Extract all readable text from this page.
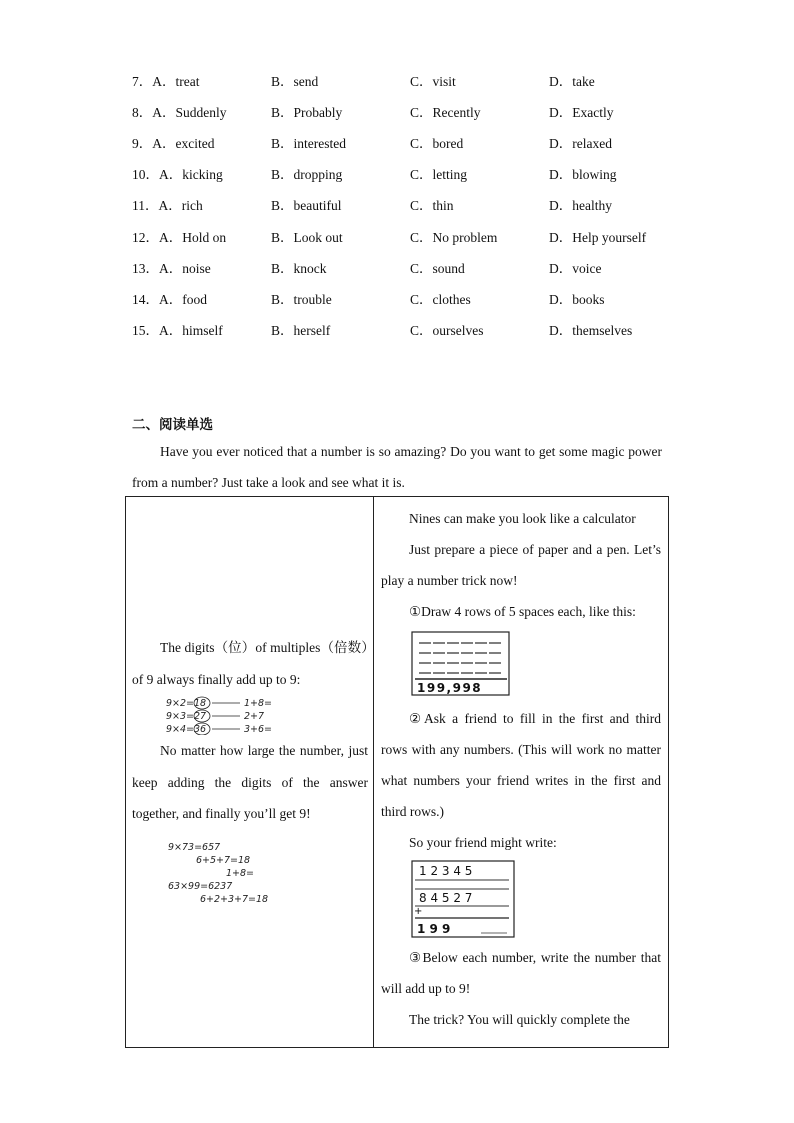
7．A．treat	B．send	C．visit	D．take
8．A．Suddenly	B．Probably	C．Recently	D．Exactly
9．A．excited	B．interested	C．bored	D．relaxed
10．A．kicking	B．dropping	C．letting	D．blowing
11．A．rich	B．beautiful	C．thin	D．healthy
12．A．Hold on	B．Look out	C．No problem	D．Help yourself
13．A．noise	B．knock	C．sound	D．voice
14．A．food	B．trouble	C．clothes	D．books
15．A．himself	B．herself	C．ourselves	D．themselves
二、阅读单选
Have you ever noticed that a number is so amazing? Do you want to get some magic power from a number? Just take a look and see what it is.

The digits（位）of multiples（倍数）of 9 always finally add up to 9:

9×2=18	1+8=
9×3=27	2+7
9×4=36	3+6=

No matter how large the number, just keep adding the digits of the answer together, and finally you’ll get 9!

9×73=657
6+5+7=18
1+8=
63×99=6237
6+2+3+7=18

Nines can make you look like a calculator

Just prepare a piece of paper and a pen. Let’s play a number trick now!

①Draw 4 rows of 5 spaces each, like this:

199,998

②Ask a friend to fill in the first and third rows with any numbers. (This will work no matter what numbers your friend writes in the first and third rows.)

So your friend might write:

1 2 3 4 5
8 4 5 2 7
+
1 9 9

③Below each number, write the number that will add up to 9!

The trick? You will quickly complete the
